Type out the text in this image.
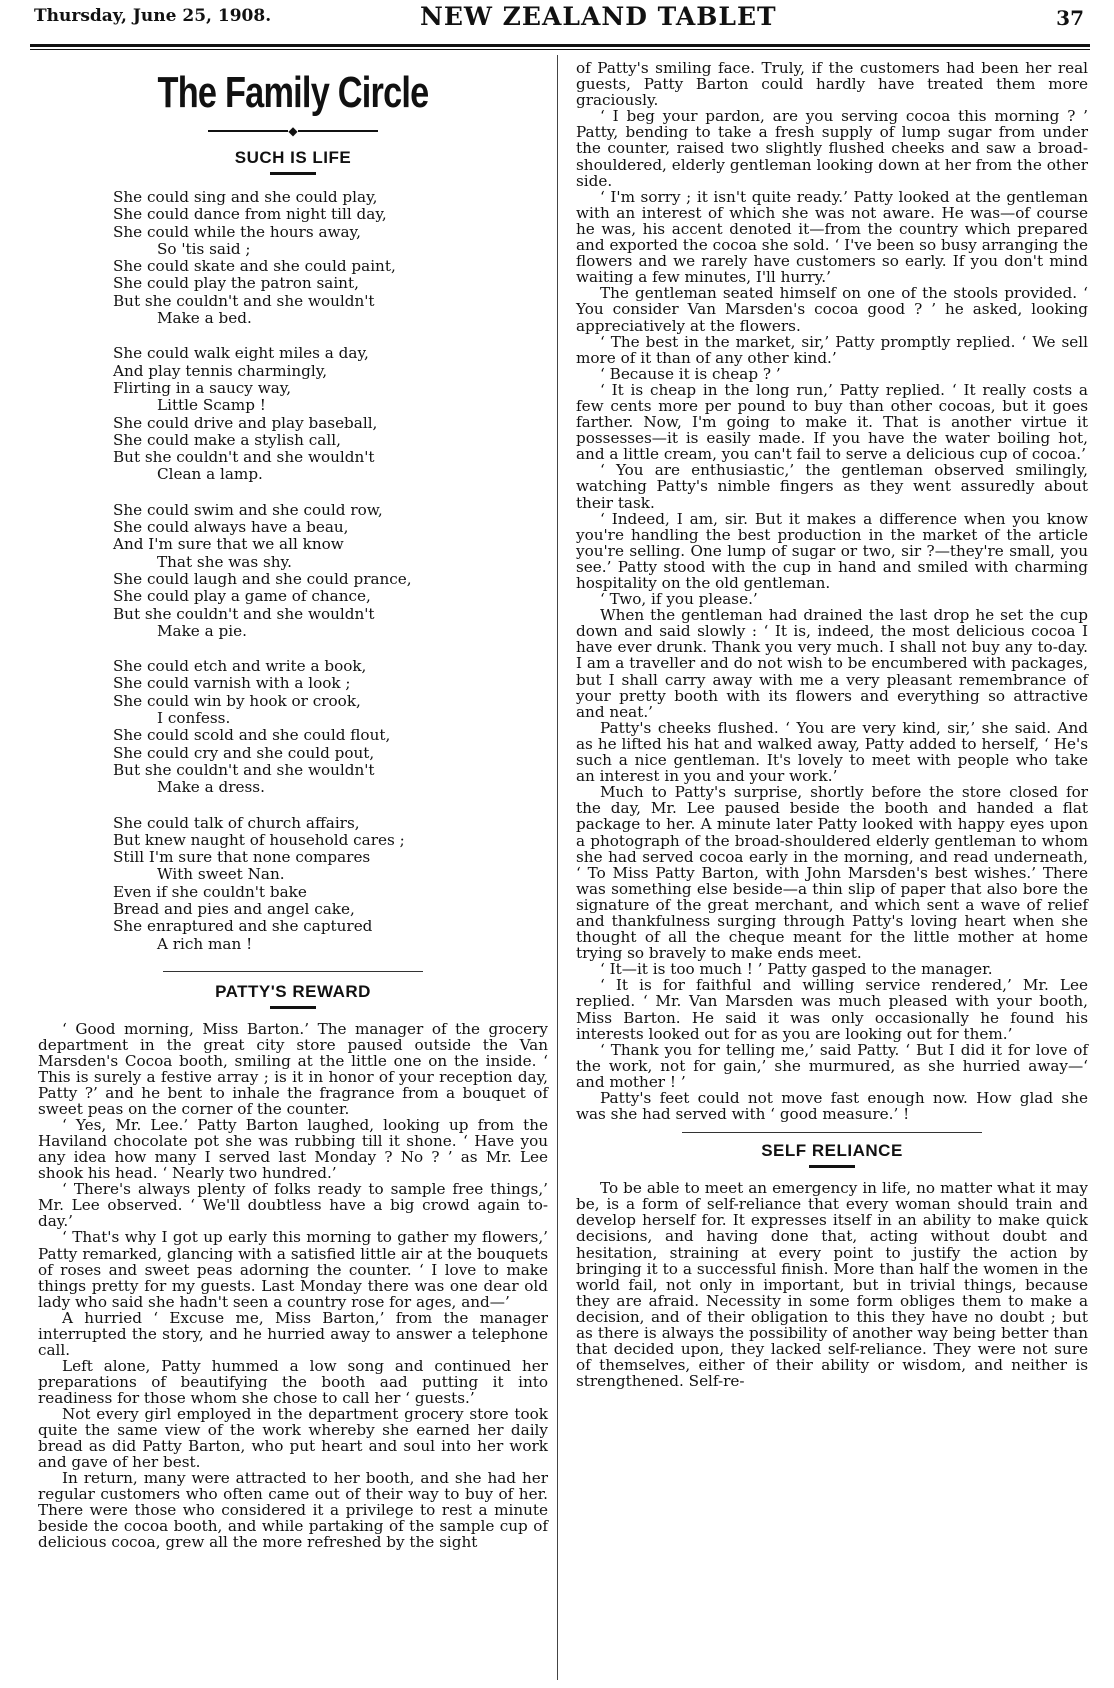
Thursday, June 25, 1908.	NEW ZEALAND TABLET	37
The Family Circle
◆
SUCH IS LIFE
She could sing and she could play,
She could dance from night till day,
She could while the hours away,
So 'tis said ;
She could skate and she could paint,
She could play the patron saint,
But she couldn't and she wouldn't
Make a bed.
She could walk eight miles a day,
And play tennis charmingly,
Flirting in a saucy way,
Little Scamp !
She could drive and play baseball,
She could make a stylish call,
But she couldn't and she wouldn't
Clean a lamp.
She could swim and she could row,
She could always have a beau,
And I'm sure that we all know
That she was shy.
She could laugh and she could prance,
She could play a game of chance,
But she couldn't and she wouldn't
Make a pie.
She could etch and write a book,
She could varnish with a look ;
She could win by hook or crook,
I confess.
She could scold and she could flout,
She could cry and she could pout,
But she couldn't and she wouldn't
Make a dress.
She could talk of church affairs,
But knew naught of household cares ;
Still I'm sure that none compares
With sweet Nan.
Even if she couldn't bake
Bread and pies and angel cake,
She enraptured and she captured
A rich man !
PATTY'S REWARD

‘ Good morning, Miss Barton.’ The manager of the grocery department in the great city store paused outside the Van Marsden's Cocoa booth, smiling at the little one on the inside. ‘ This is surely a festive array ; is it in honor of your reception day, Patty ?’ and he bent to inhale the fragrance from a bouquet of sweet peas on the corner of the counter.

‘ Yes, Mr. Lee.’ Patty Barton laughed, looking up from the Haviland chocolate pot she was rubbing till it shone. ‘ Have you any idea how many I served last Monday ? No ? ’ as Mr. Lee shook his head. ‘ Nearly two hundred.’

‘ There's always plenty of folks ready to sample free things,’ Mr. Lee observed. ‘ We'll doubtless have a big crowd again to-day.’

‘ That's why I got up early this morning to gather my flowers,’ Patty remarked, glancing with a satisfied little air at the bouquets of roses and sweet peas adorning the counter. ‘ I love to make things pretty for my guests. Last Monday there was one dear old lady who said she hadn't seen a country rose for ages, and—’

A hurried ‘ Excuse me, Miss Barton,’ from the manager interrupted the story, and he hurried away to answer a telephone call.

Left alone, Patty hummed a low song and continued her preparations of beautifying the booth aad putting it into readiness for those whom she chose to call her ‘ guests.’

Not every girl employed in the department grocery store took quite the same view of the work whereby she earned her daily bread as did Patty Barton, who put heart and soul into her work and gave of her best.

In return, many were attracted to her booth, and she had her regular customers who often came out of their way to buy of her. There were those who considered it a privilege to rest a minute beside the cocoa booth, and while partaking of the sample cup of delicious cocoa, grew all the more refreshed by the sight

of Patty's smiling face. Truly, if the customers had been her real guests, Patty Barton could hardly have treated them more graciously.

‘ I beg your pardon, are you serving cocoa this morning ? ’ Patty, bending to take a fresh supply of lump sugar from under the counter, raised two slightly flushed cheeks and saw a broad-shouldered, elderly gentleman looking down at her from the other side.

‘ I'm sorry ; it isn't quite ready.’ Patty looked at the gentleman with an interest of which she was not aware. He was—of course he was, his accent denoted it—from the country which prepared and exported the cocoa she sold. ‘ I've been so busy arranging the flowers and we rarely have customers so early. If you don't mind waiting a few minutes, I'll hurry.’

The gentleman seated himself on one of the stools provided. ‘ You consider Van Marsden's cocoa good ? ’ he asked, looking appreciatively at the flowers.

‘ The best in the market, sir,’ Patty promptly replied. ‘ We sell more of it than of any other kind.’

‘ Because it is cheap ? ’

‘ It is cheap in the long run,’ Patty replied. ‘ It really costs a few cents more per pound to buy than other cocoas, but it goes farther. Now, I'm going to make it. That is another virtue it possesses—it is easily made. If you have the water boiling hot, and a little cream, you can't fail to serve a delicious cup of cocoa.’

‘ You are enthusiastic,’ the gentleman observed smilingly, watching Patty's nimble fingers as they went assuredly about their task.

‘ Indeed, I am, sir. But it makes a difference when you know you're handling the best production in the market of the article you're selling. One lump of sugar or two, sir ?—they're small, you see.’ Patty stood with the cup in hand and smiled with charming hospitality on the old gentleman.

‘ Two, if you please.’

When the gentleman had drained the last drop he set the cup down and said slowly : ‘ It is, indeed, the most delicious cocoa I have ever drunk. Thank you very much. I shall not buy any to-day. I am a traveller and do not wish to be encumbered with packages, but I shall carry away with me a very pleasant remembrance of your pretty booth with its flowers and everything so attractive and neat.’

Patty's cheeks flushed. ‘ You are very kind, sir,’ she said. And as he lifted his hat and walked away, Patty added to herself, ‘ He's such a nice gentleman. It's lovely to meet with people who take an interest in you and your work.’

Much to Patty's surprise, shortly before the store closed for the day, Mr. Lee paused beside the booth and handed a flat package to her. A minute later Patty looked with happy eyes upon a photograph of the broad-shouldered elderly gentleman to whom she had served cocoa early in the morning, and read underneath, ‘ To Miss Patty Barton, with John Marsden's best wishes.’ There was something else beside—a thin slip of paper that also bore the signature of the great merchant, and which sent a wave of relief and thankfulness surging through Patty's loving heart when she thought of all the cheque meant for the little mother at home trying so bravely to make ends meet.

‘ It—it is too much ! ’ Patty gasped to the manager.

‘ It is for faithful and willing service rendered,’ Mr. Lee replied. ‘ Mr. Van Marsden was much pleased with your booth, Miss Barton. He said it was only occasionally he found his interests looked out for as you are looking out for them.’

‘ Thank you for telling me,’ said Patty. ‘ But I did it for love of the work, not for gain,’ she murmured, as she hurried away—‘ and mother ! ’

Patty's feet could not move fast enough now. How glad she was she had served with ‘ good measure.’ !

SELF RELIANCE

To be able to meet an emergency in life, no matter what it may be, is a form of self-reliance that every woman should train and develop herself for. It expresses itself in an ability to make quick decisions, and having done that, acting without doubt and hesitation, straining at every point to justify the action by bringing it to a successful finish. More than half the women in the world fail, not only in important, but in trivial things, because they are afraid. Necessity in some form obliges them to make a decision, and of their obligation to this they have no doubt ; but as there is always the possibility of another way being better than that decided upon, they lacked self-reliance. They were not sure of themselves, either of their ability or wisdom, and neither is strengthened. Self-re-
